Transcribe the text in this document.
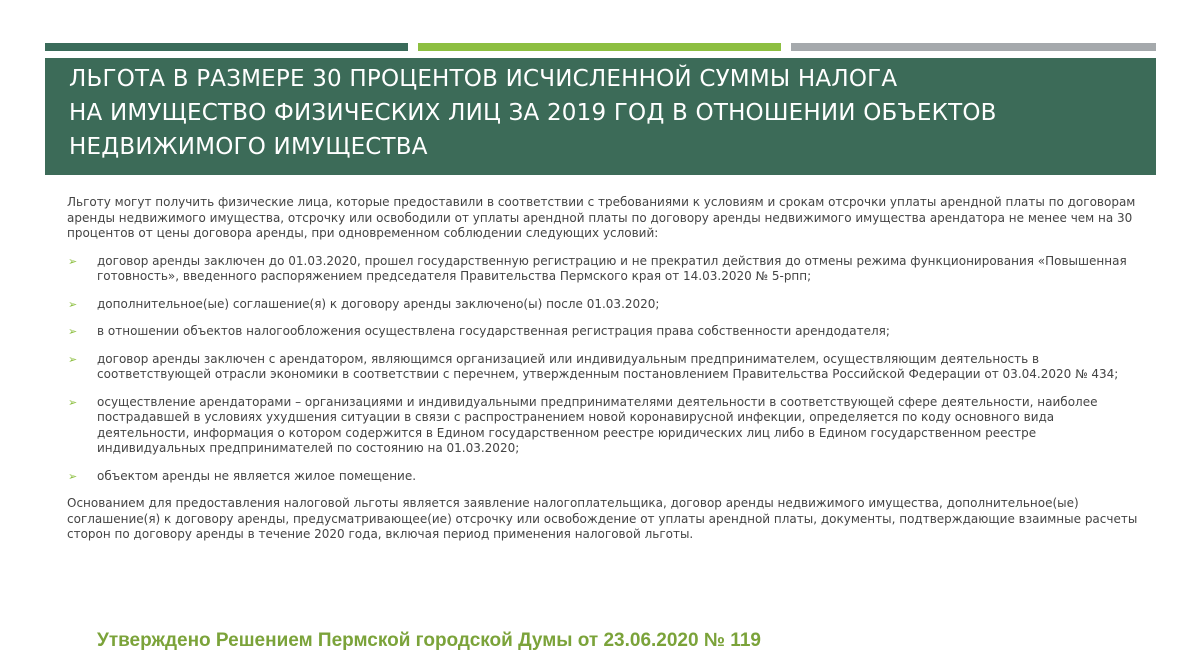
ЛЬГОТА В РАЗМЕРЕ 30 ПРОЦЕНТОВ ИСЧИСЛЕННОЙ СУММЫ НАЛОГА
НА ИМУЩЕСТВО ФИЗИЧЕСКИХ ЛИЦ ЗА 2019 ГОД В ОТНОШЕНИИ ОБЪЕКТОВ
НЕДВИЖИМОГО ИМУЩЕСТВА

Льготу могут получить физические лица, которые предоставили в соответствии с требованиями к условиям и срокам отсрочки уплаты арендной платы по договорам аренды недвижимого имущества, отсрочку или освободили от уплаты арендной платы по договору аренды недвижимого имущества арендатора не менее чем на 30 процентов от цены договора аренды, при одновременном соблюдении следующих условий:

➢ договор аренды заключен до 01.03.2020, прошел государственную регистрацию и не прекратил действия до отмены режима функционирования «Повышенная готовность», введенного распоряжением председателя Правительства Пермского края от 14.03.2020 № 5-рпп;
➢ дополнительное(ые) соглашение(я) к договору аренды заключено(ы) после 01.03.2020;
➢ в отношении объектов налогообложения осуществлена государственная регистрация права собственности арендодателя;
➢ договор аренды заключен с арендатором, являющимся организацией или индивидуальным предпринимателем, осуществляющим деятельность в соответствующей отрасли экономики в соответствии с перечнем, утвержденным постановлением Правительства Российской Федерации от 03.04.2020 № 434;
➢ осуществление арендаторами – организациями и индивидуальными предпринимателями деятельности в соответствующей сфере деятельности, наиболее пострадавшей в условиях ухудшения ситуации в связи с распространением новой коронавирусной инфекции, определяется по коду основного вида деятельности, информация о котором содержится в Едином государственном реестре юридических лиц либо в Едином государственном реестре индивидуальных предпринимателей по состоянию на 01.03.2020;
➢ объектом аренды не является жилое помещение.

Основанием для предоставления налоговой льготы является заявление налогоплательщика, договор аренды недвижимого имущества, дополнительное(ые) соглашение(я) к договору аренды, предусматривающее(ие) отсрочку или освобождение от уплаты арендной платы, документы, подтверждающие взаимные расчеты сторон по договору аренды в течение 2020 года, включая период применения налоговой льготы.

Утверждено Решением Пермской городской Думы от 23.06.2020 № 119
